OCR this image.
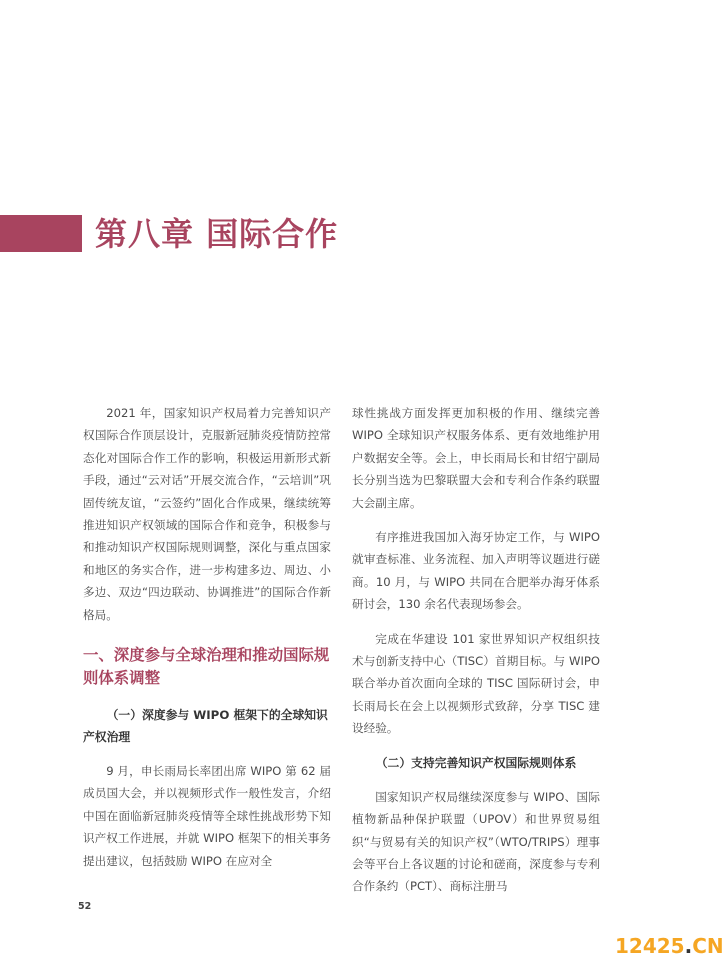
第八章 国际合作

2021 年，国家知识产权局着力完善知识产权国际合作顶层设计，克服新冠肺炎疫情防控常态化对国际合作工作的影响，积极运用新形式新手段，通过“云对话”开展交流合作，“云培训”巩固传统友谊，“云签约”固化合作成果，继续统筹推进知识产权领域的国际合作和竞争，积极参与和推动知识产权国际规则调整，深化与重点国家和地区的务实合作，进一步构建多边、周边、小多边、双边“四边联动、协调推进”的国际合作新格局。

一、深度参与全球治理和推动国际规则体系调整
（一）深度参与 WIPO 框架下的全球知识产权治理

9 月，申长雨局长率团出席 WIPO 第 62 届成员国大会，并以视频形式作一般性发言，介绍中国在面临新冠肺炎疫情等全球性挑战形势下知识产权工作进展，并就 WIPO 框架下的相关事务提出建议，包括鼓励 WIPO 在应对全

球性挑战方面发挥更加积极的作用、继续完善 WIPO 全球知识产权服务体系、更有效地维护用户数据安全等。会上，申长雨局长和甘绍宁副局长分别当选为巴黎联盟大会和专利合作条约联盟大会副主席。

有序推进我国加入海牙协定工作，与 WIPO 就审查标准、业务流程、加入声明等议题进行磋商。10 月，与 WIPO 共同在合肥举办海牙体系研讨会，130 余名代表现场参会。

完成在华建设 101 家世界知识产权组织技术与创新支持中心（TISC）首期目标。与 WIPO 联合举办首次面向全球的 TISC 国际研讨会，申长雨局长在会上以视频形式致辞，分享 TISC 建设经验。

（二）支持完善知识产权国际规则体系

国家知识产权局继续深度参与 WIPO、国际植物新品种保护联盟（UPOV）和世界贸易组织“与贸易有关的知识产权”（WTO/TRIPS）理事会等平台上各议题的讨论和磋商，深度参与专利合作条约（PCT）、商标注册马

52
12425.CN
